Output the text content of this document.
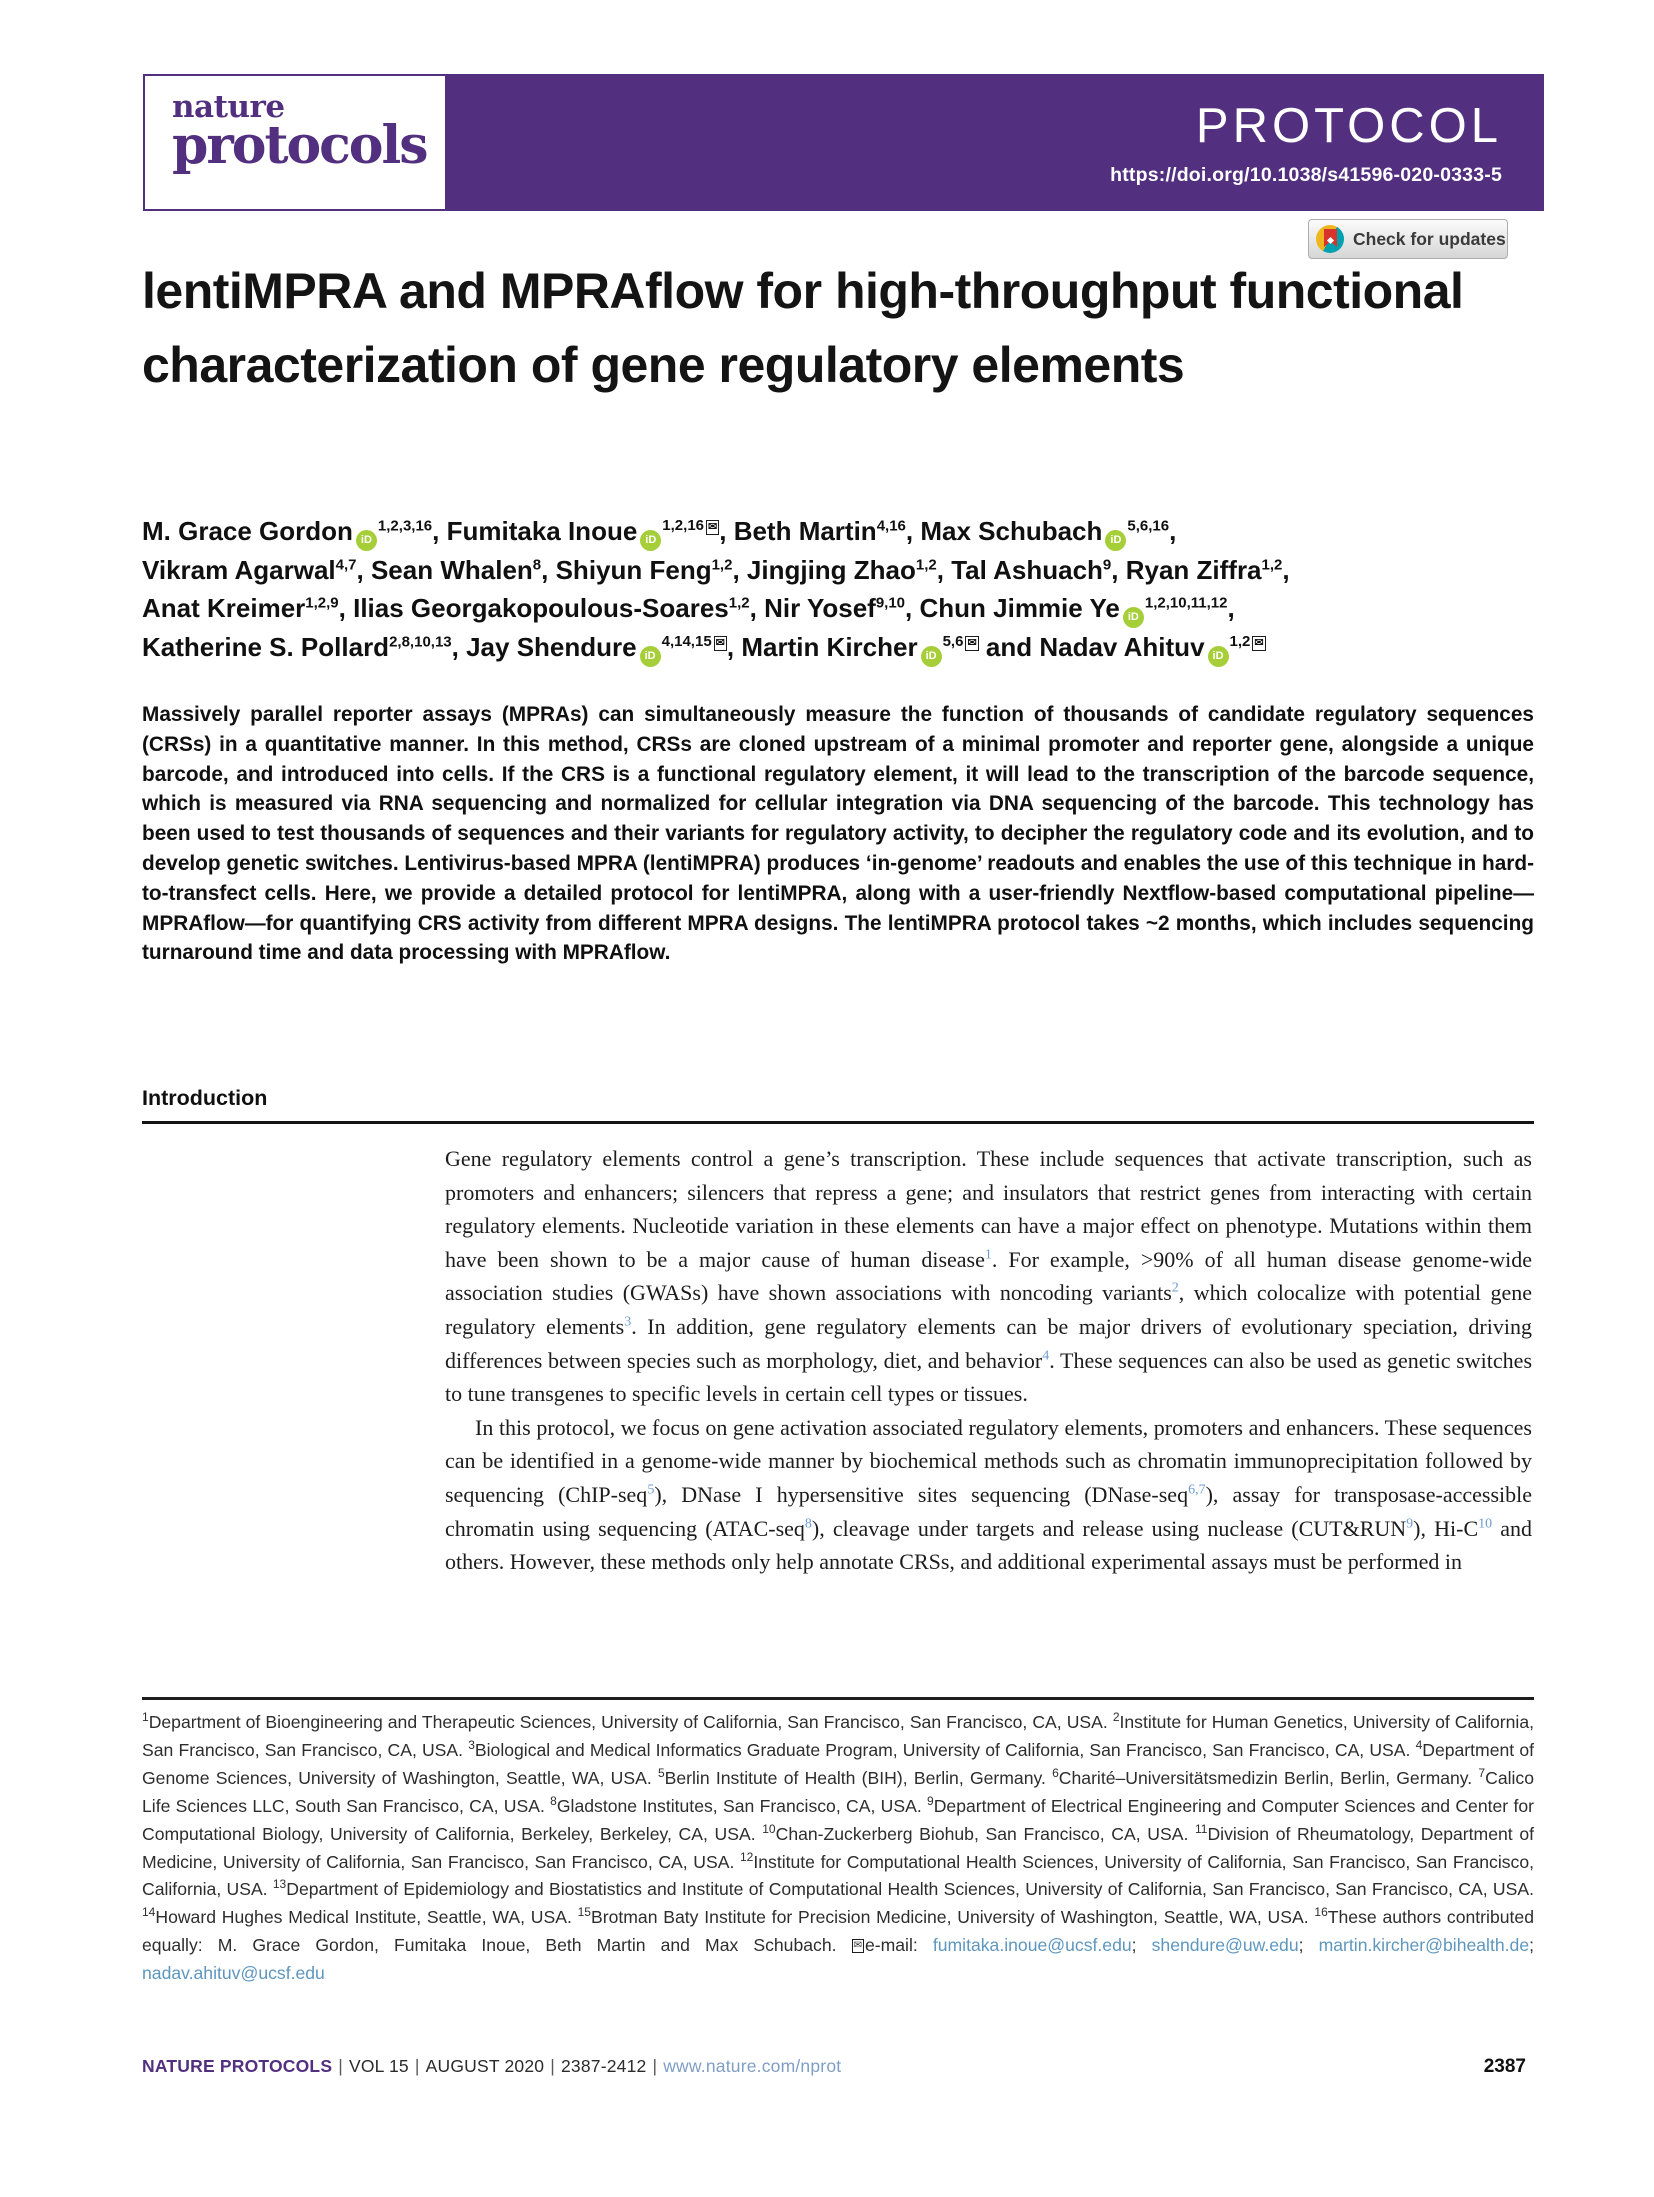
PROTOCOL
https://doi.org/10.1038/s41596-020-0333-5
nature
protocols
Check for updates
lentiMPRA and MPRAflow for high-throughput functional characterization of gene regulatory elements
M. Grace Gordon iD$^{1,2,3,16}$, Fumitaka Inoue $iD^{1,2,16 ✉}$, Beth Martin$^{4,16}$, Max Schubach iD$^{5,6,16}$,
Vikram Agarwal$^{4,7}$, Sean Whalen$^8$, Shiyun Feng$^{1,2}$, Jingjing Zhao$^{1,2}$, Tal Ashuach$^9$, Ryan Ziffra$^{1,2}$,
Anat Kreimer$^{1,2,9}$, Ilias Georgakopoulous-Soares$^{1,2}$, Nir Yosef$^{9,10}$, Chun Jimmie Ye iD$^{1,2,10,11,12}$,
Katherine S. Pollard$^{2,8,10,13}$, Jay Shendure $iD^{4,14,15 ✉}$, Martin Kircher $iD^{5,6 ✉}$ and Nadav Ahituv $iD^{1,2 ✉}$

Massively parallel reporter assays (MPRAs) can simultaneously measure the function of thousands of candidate regulatory sequences (CRSs) in a quantitative manner. In this method, CRSs are cloned upstream of a minimal promoter and reporter gene, alongside a unique barcode, and introduced into cells. If the CRS is a functional regulatory element, it will lead to the transcription of the barcode sequence, which is measured via RNA sequencing and normalized for cellular integration via DNA sequencing of the barcode. This technology has been used to test thousands of sequences and their variants for regulatory activity, to decipher the regulatory code and its evolution, and to develop genetic switches. Lentivirus-based MPRA (lentiMPRA) produces ‘in-genome’ readouts and enables the use of this technique in hard-to-transfect cells. Here, we provide a detailed protocol for lentiMPRA, along with a user-friendly Nextflow-based computational pipeline—MPRAflow—for quantifying CRS activity from different MPRA designs. The lentiMPRA protocol takes ~2 months, which includes sequencing turnaround time and data processing with MPRAflow.

Introduction

Gene regulatory elements control a gene’s transcription. These include sequences that activate transcription, such as promoters and enhancers; silencers that repress a gene; and insulators that restrict genes from interacting with certain regulatory elements. Nucleotide variation in these elements can have a major effect on phenotype. Mutations within them have been shown to be a major cause of human disease$^1$. For example, >90% of all human disease genome-wide association studies (GWASs) have shown associations with noncoding variants$^2$, which colocalize with potential gene regulatory elements$^3$. In addition, gene regulatory elements can be major drivers of evolutionary speciation, driving differences between species such as morphology, diet, and behavior$^4$. These sequences can also be used as genetic switches to tune transgenes to specific levels in certain cell types or tissues.

In this protocol, we focus on gene activation associated regulatory elements, promoters and enhancers. These sequences can be identified in a genome-wide manner by biochemical methods such as chromatin immunoprecipitation followed by sequencing (ChIP-seq$^5$), DNase I hypersensitive sites sequencing (DNase-seq$^{6,7}$), assay for transposase-accessible chromatin using sequencing (ATAC-seq$^8$), cleavage under targets and release using nuclease (CUT&RUN$^9$), Hi-C$^{10}$ and others. However, these methods only help annotate CRSs, and additional experimental assays must be performed in

$^1$Department of Bioengineering and Therapeutic Sciences, University of California, San Francisco, San Francisco, CA, USA. $^2$Institute for Human Genetics, University of California, San Francisco, San Francisco, CA, USA. $^3$Biological and Medical Informatics Graduate Program, University of California, San Francisco, San Francisco, CA, USA. $^4$Department of Genome Sciences, University of Washington, Seattle, WA, USA. $^5$Berlin Institute of Health (BIH), Berlin, Germany. $^6$Charité–Universitätsmedizin Berlin, Berlin, Germany. $^7$Calico Life Sciences LLC, South San Francisco, CA, USA. $^8$Gladstone Institutes, San Francisco, CA, USA. $^9$Department of Electrical Engineering and Computer Sciences and Center for Computational Biology, University of California, Berkeley, Berkeley, CA, USA. $^{10}$Chan-Zuckerberg Biohub, San Francisco, CA, USA. $^{11}$Division of Rheumatology, Department of Medicine, University of California, San Francisco, San Francisco, CA, USA. $^{12}$Institute for Computational Health Sciences, University of California, San Francisco, San Francisco, California, USA. $^{13}$Department of Epidemiology and Biostatistics and Institute of Computational Health Sciences, University of California, San Francisco, San Francisco, CA, USA. $^{14}$Howard Hughes Medical Institute, Seattle, WA, USA. $^{15}$Brotman Baty Institute for Precision Medicine, University of Washington, Seattle, WA, USA. $^{16}$These authors contributed equally: M. Grace Gordon, Fumitaka Inoue, Beth Martin and Max Schubach. ✉ e-mail: fumitaka.inoue@ucsf.edu; shendure@uw.edu; martin.kircher@bihealth.de; nadav.ahituv@ucsf.edu

NATURE PROTOCOLS | VOL 15 | AUGUST 2020 | 2387-2412 | www.nature.com/nprot	2387
